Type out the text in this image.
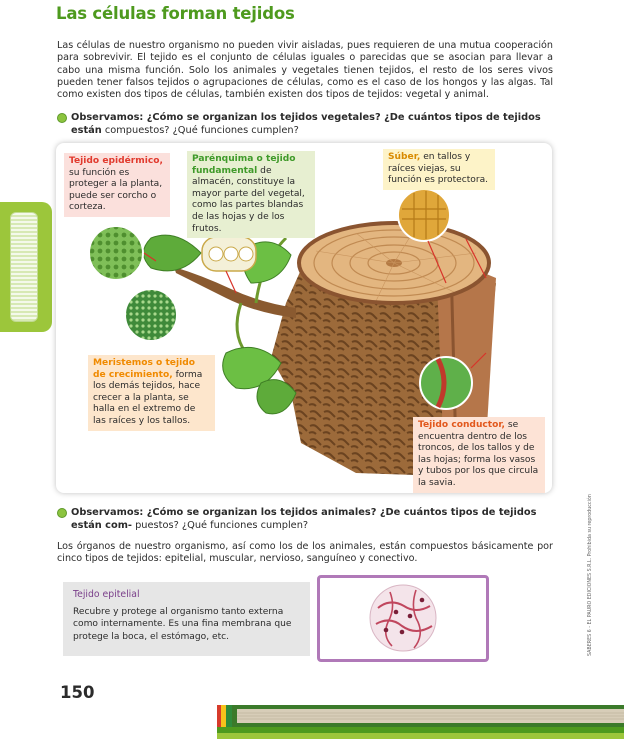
Las células forman tejidos

Las células de nuestro organismo no pueden vivir aisladas, pues requieren de una mutua cooperación para sobrevivir. El tejido es el conjunto de células iguales o parecidas que se asocian para llevar a cabo una misma función. Solo los animales y vegetales tienen tejidos, el resto de los seres vivos pueden tener falsos tejidos o agrupaciones de células, como es el caso de los hongos y las algas. Tal como existen dos tipos de células, también existen dos tipos de tejidos: vegetal y animal.

Observamos: ¿Cómo se organizan los tejidos vegetales? ¿De cuántos tipos de tejidos están compuestos? ¿Qué funciones cumplen?
Tejido epidérmico, su función es proteger a la planta, puede ser corcho o corteza.
Parénquima o tejido fundamental de almacén, constituye la mayor parte del vegetal, como las partes blandas de las hojas y de los frutos.
Súber, en tallos y raíces viejas, su función es protectora.
Meristemos o tejido de crecimiento, forma los demás tejidos, hace crecer a la planta, se halla en el extremo de las raíces y los tallos.	Tejido conductor, se encuentra dentro de los troncos, de los tallos y de las hojas; forma los vasos y tubos por los que circula la savia.
Observamos: ¿Cómo se organizan los tejidos animales? ¿De cuántos tipos de tejidos están com- puestos? ¿Qué funciones cumplen?

Los órganos de nuestro organismo, así como los de los animales, están compuestos básicamente por cinco tipos de tejidos: epitelial, muscular, nervioso, sanguíneo y conectivo.

Tejido epitelial
Recubre y protege al organismo tanto externa como internamente. Es una fina membrana que protege la boca, el estómago, etc.
150
SABERES 6 - EL PAURO EDICIONES S.R.L. Prohibida su reproducción
